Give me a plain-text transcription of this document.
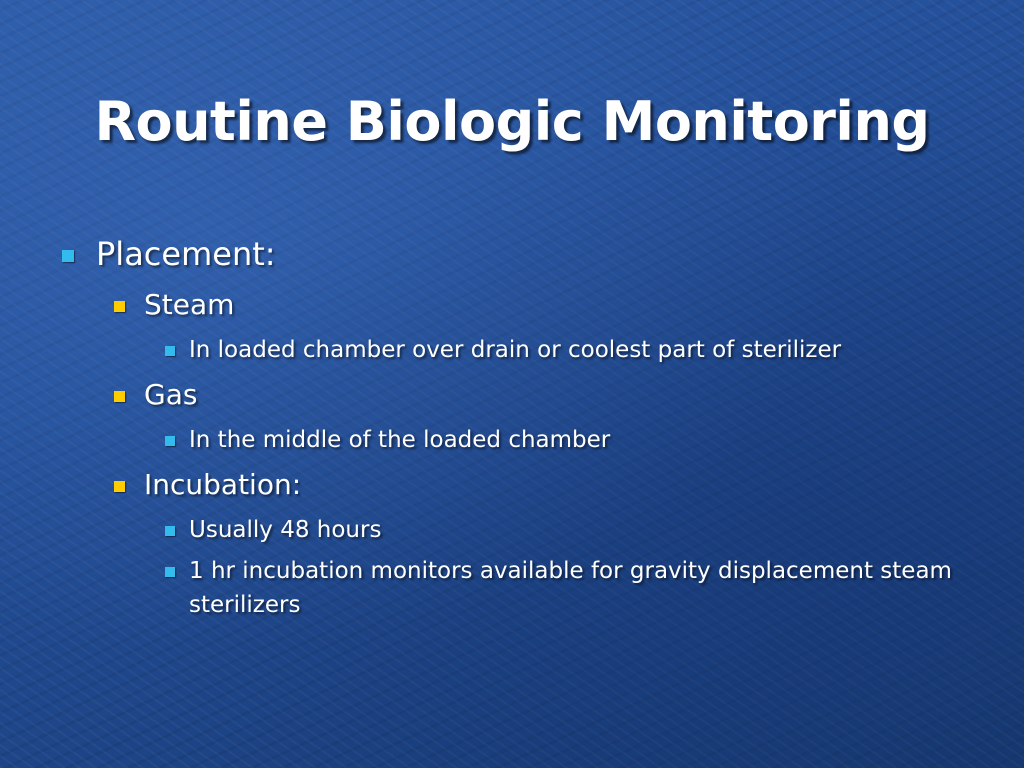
Routine Biologic Monitoring
Placement:
Steam
In loaded chamber over drain or coolest part of sterilizer
Gas
In the middle of the loaded chamber
Incubation:
Usually 48 hours
1 hr incubation monitors available for gravity displacement steam sterilizers
